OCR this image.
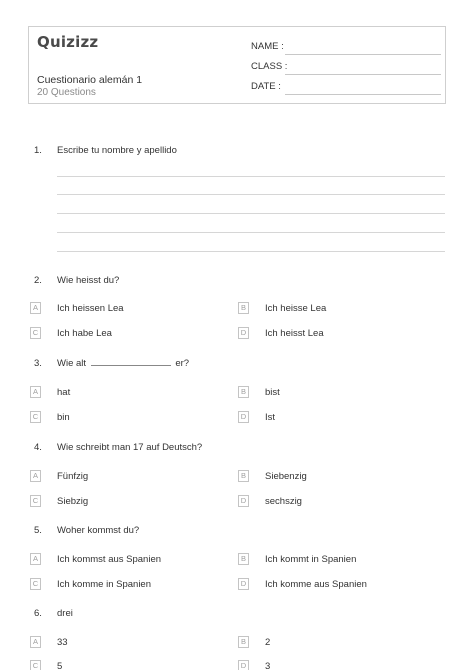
Quizizz
Cuestionario alemán 1
20 Questions
NAME :
CLASS :
DATE :
1. Escribe tu nombre y apellido
2. Wie heisst du?
A	Ich heissen Lea	B	Ich heisse Lea
C Ich habe Lea	D Ich heisst Lea
3. Wie alt	er?
A	hat	B	bist
C bin	D Ist
4. Wie schreibt man 17 auf Deutsch?
A	Fünfzig	B	Siebenzig
C Siebzig	D sechszig
5. Woher kommst du?
A	Ich kommst aus Spanien	B	Ich kommt in Spanien
C Ich komme in Spanien	D Ich komme aus Spanien
6. drei
A	33	B	2
C 5	D 3
